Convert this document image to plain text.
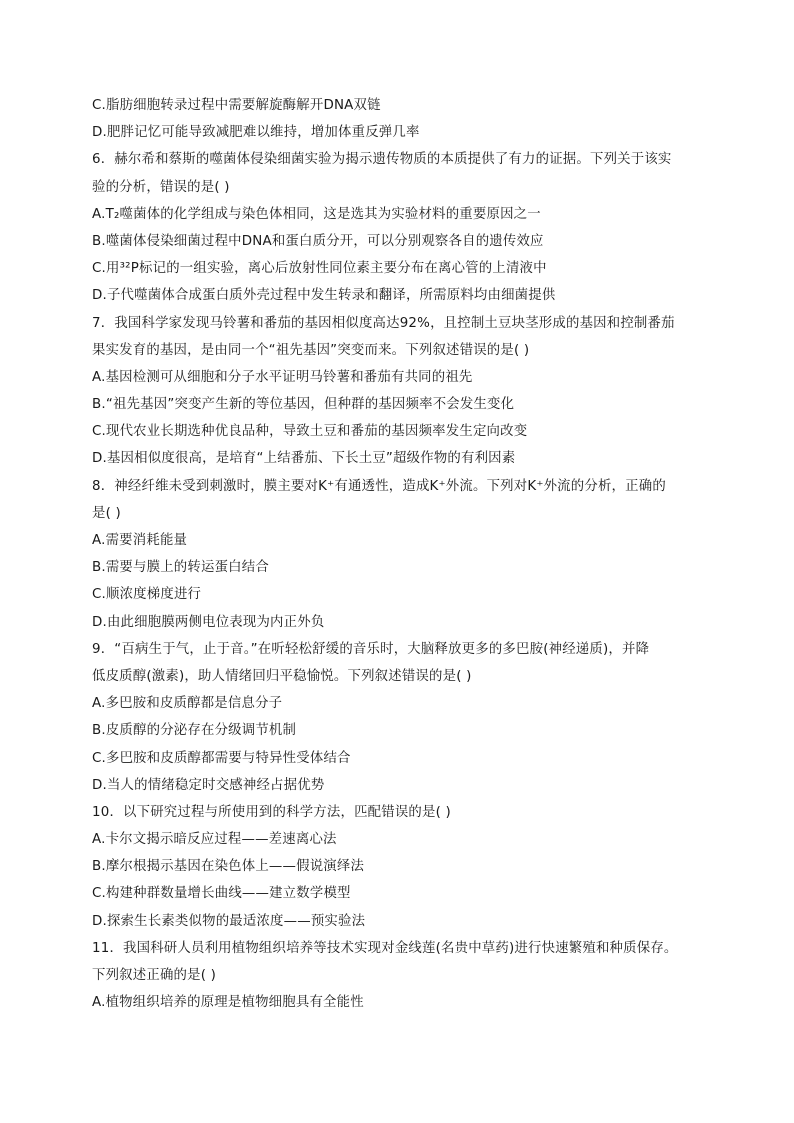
C.脂肪细胞转录过程中需要解旋酶解开DNA双链
D.肥胖记忆可能导致减肥难以维持，增加体重反弹几率
6．赫尔希和蔡斯的噬菌体侵染细菌实验为揭示遗传物质的本质提供了有力的证据。下列关于该实
验的分析，错误的是( )
A.T₂噬菌体的化学组成与染色体相同，这是选其为实验材料的重要原因之一
B.噬菌体侵染细菌过程中DNA和蛋白质分开，可以分别观察各自的遗传效应
C.用³²P标记的一组实验，离心后放射性同位素主要分布在离心管的上清液中
D.子代噬菌体合成蛋白质外壳过程中发生转录和翻译，所需原料均由细菌提供
7．我国科学家发现马铃薯和番茄的基因相似度高达92%，且控制土豆块茎形成的基因和控制番茄
果实发育的基因，是由同一个“祖先基因”突变而来。下列叙述错误的是( )
A.基因检测可从细胞和分子水平证明马铃薯和番茄有共同的祖先
B.“祖先基因”突变产生新的等位基因，但种群的基因频率不会发生变化
C.现代农业长期选种优良品种，导致土豆和番茄的基因频率发生定向改变
D.基因相似度很高，是培育“上结番茄、下长土豆”超级作物的有利因素
8．神经纤维未受到刺激时，膜主要对K⁺有通透性，造成K⁺外流。下列对K⁺外流的分析，正确的
是( )
A.需要消耗能量
B.需要与膜上的转运蛋白结合
C.顺浓度梯度进行
D.由此细胞膜两侧电位表现为内正外负
9．“百病生于气，止于音。”在听轻松舒缓的音乐时，大脑释放更多的多巴胺(神经递质)，并降
低皮质醇(激素)，助人情绪回归平稳愉悦。下列叙述错误的是( )
A.多巴胺和皮质醇都是信息分子
B.皮质醇的分泌存在分级调节机制
C.多巴胺和皮质醇都需要与特异性受体结合
D.当人的情绪稳定时交感神经占据优势
10．以下研究过程与所使用到的科学方法，匹配错误的是( )
A.卡尔文揭示暗反应过程——差速离心法
B.摩尔根揭示基因在染色体上——假说演绎法
C.构建种群数量增长曲线——建立数学模型
D.探索生长素类似物的最适浓度——预实验法
11．我国科研人员利用植物组织培养等技术实现对金线莲(名贵中草药)进行快速繁殖和种质保存。
下列叙述正确的是( )
A.植物组织培养的原理是植物细胞具有全能性
